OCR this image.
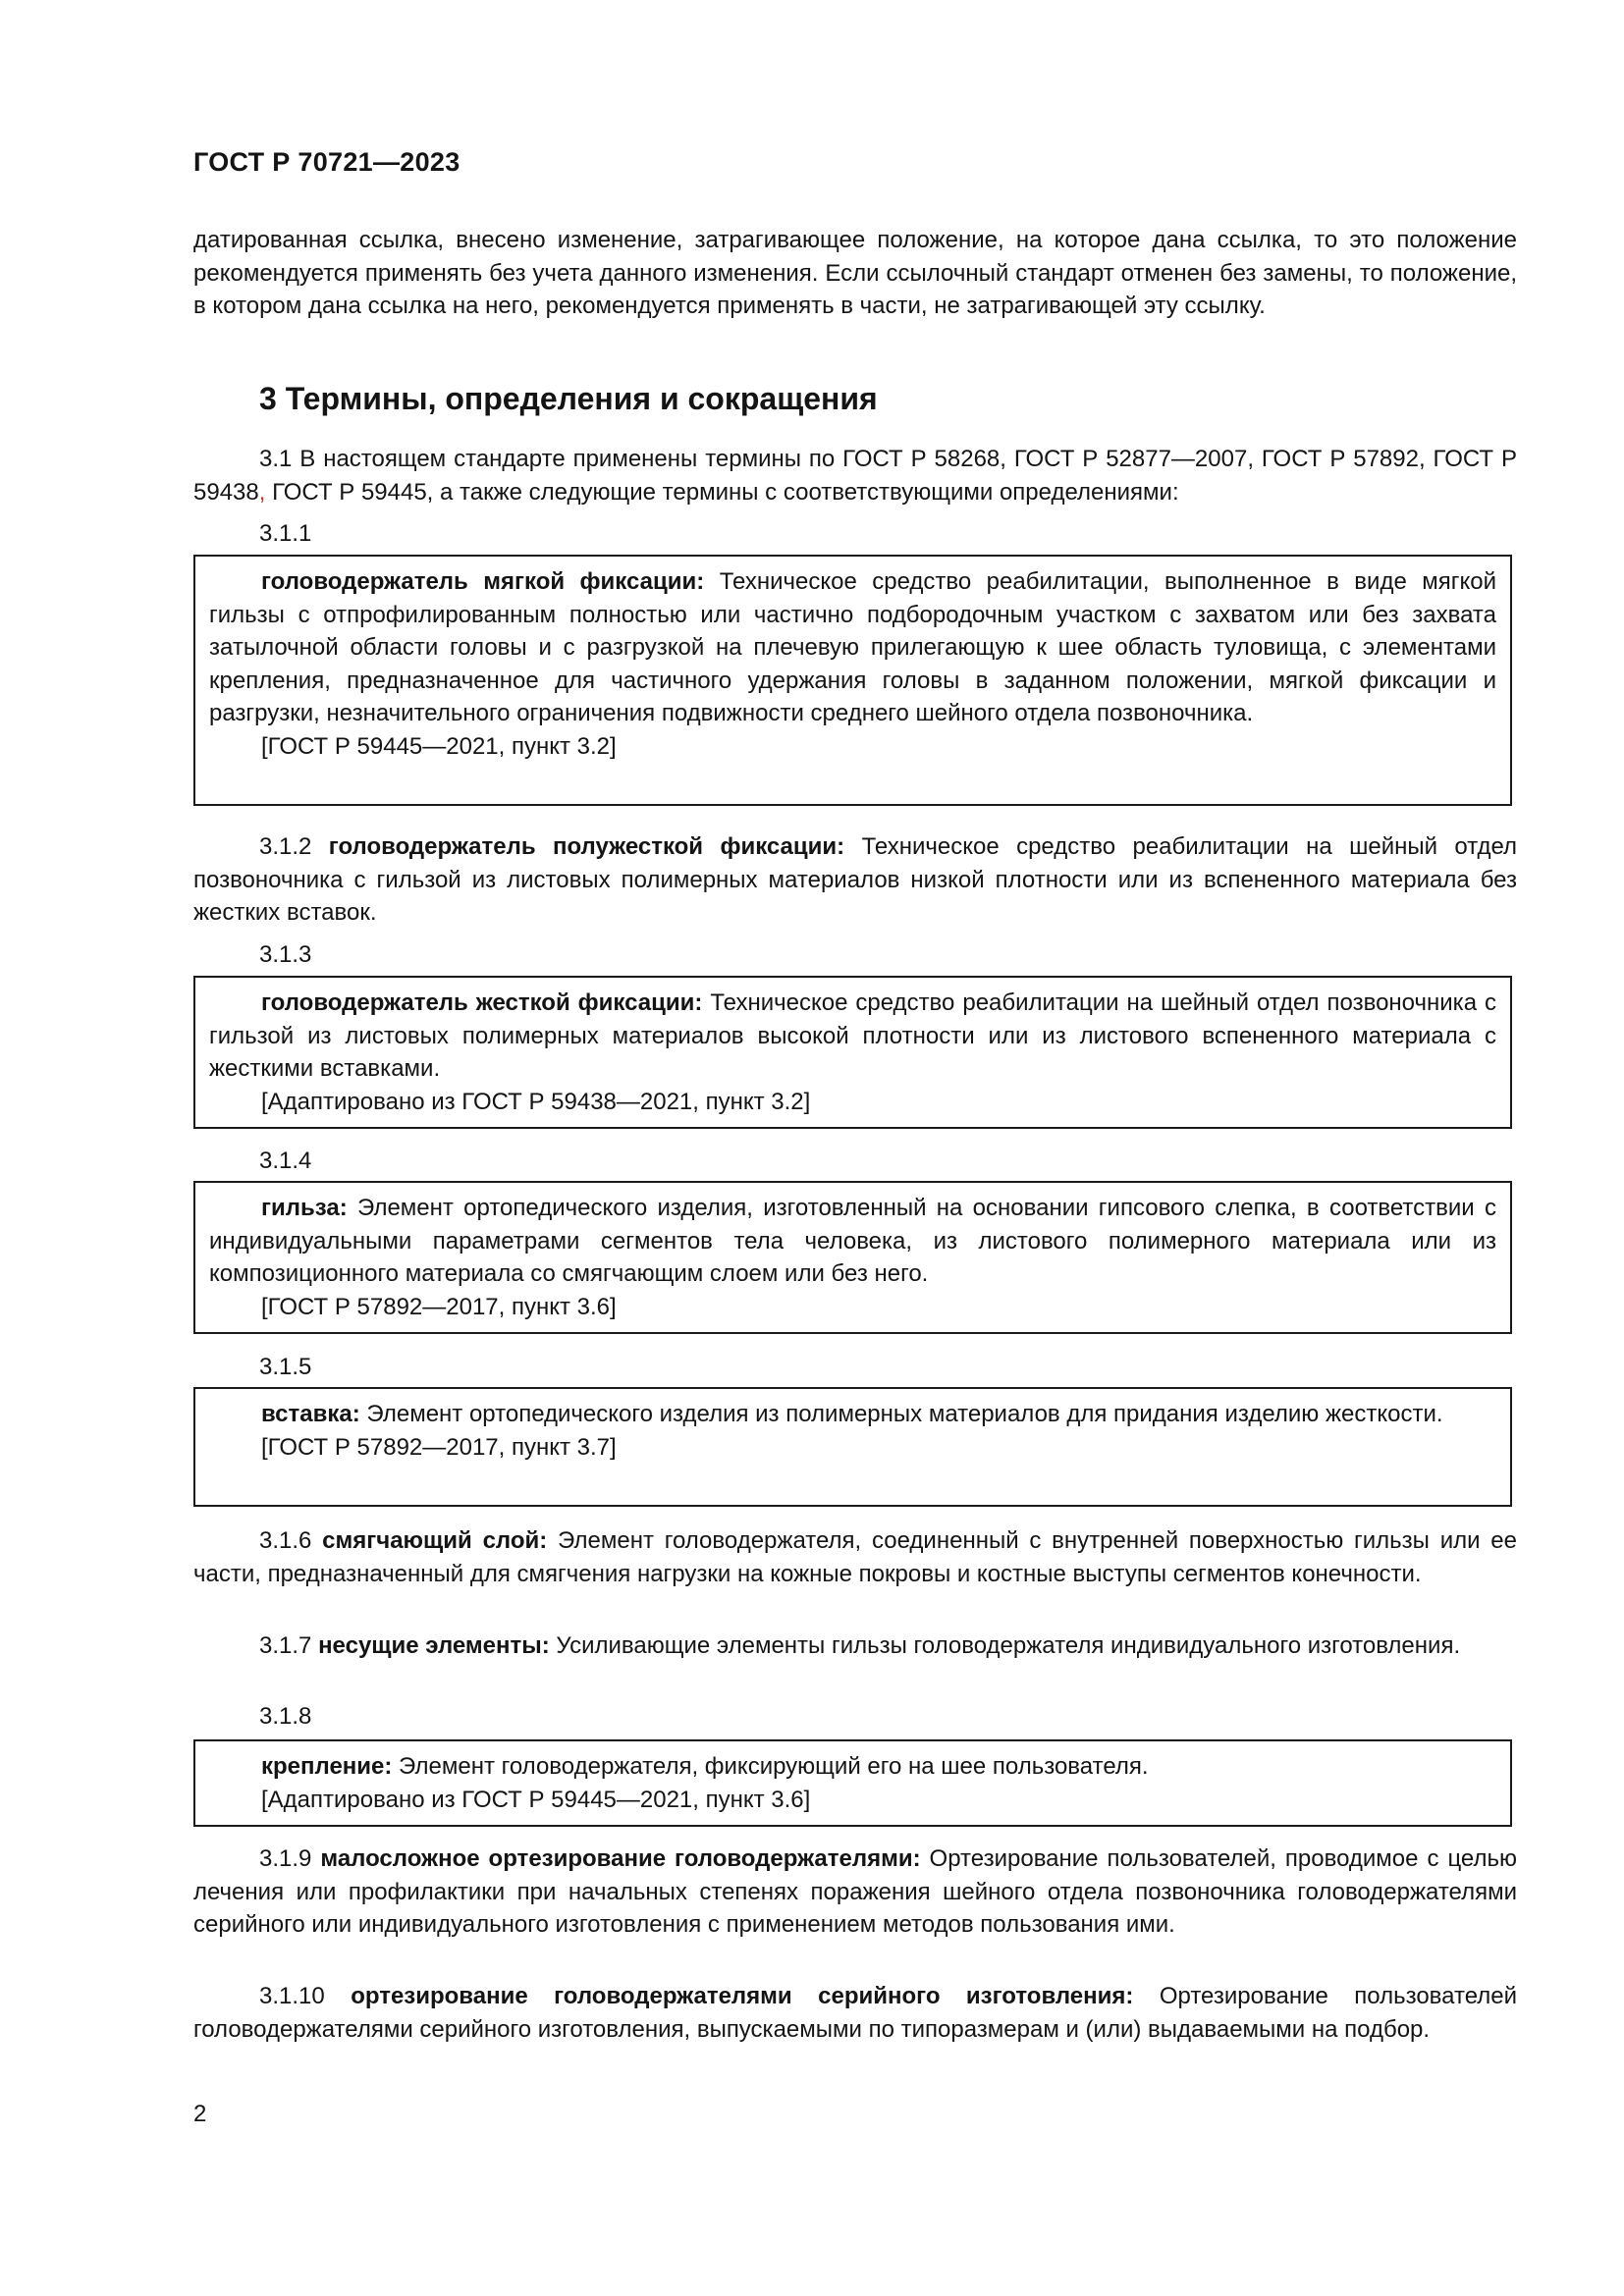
ГОСТ Р 70721—2023
датированная ссылка, внесено изменение, затрагивающее положение, на которое дана ссылка, то это положение рекомендуется применять без учета данного изменения. Если ссылочный стандарт отменен без замены, то положение, в котором дана ссылка на него, рекомендуется применять в части, не затрагивающей эту ссылку.
3 Термины, определения и сокращения

3.1 В настоящем стандарте применены термины по ГОСТ Р 58268, ГОСТ Р 52877—2007, ГОСТ Р 57892, ГОСТ Р 59438, ГОСТ Р 59445, а также следующие термины с соответствующими определениями:

3.1.1

головодержатель мягкой фиксации: Техническое средство реабилитации, выполненное в виде мягкой гильзы с отпрофилированным полностью или частично подбородочным участком с захватом или без захвата затылочной области головы и с разгрузкой на плечевую прилегающую к шее область туловища, с элементами крепления, предназначенное для частичного удержания головы в заданном положении, мягкой фиксации и разгрузки, незначительного ограничения подвижности среднего шейного отдела позвоночника.

[ГОСТ Р 59445—2021, пункт 3.2]

3.1.2 головодержатель полужесткой фиксации: Техническое средство реабилитации на шейный отдел позвоночника с гильзой из листовых полимерных материалов низкой плотности или из вспененного материала без жестких вставок.

3.1.3

головодержатель жесткой фиксации: Техническое средство реабилитации на шейный отдел позвоночника с гильзой из листовых полимерных материалов высокой плотности или из листового вспененного материала с жесткими вставками.

[Адаптировано из ГОСТ Р 59438—2021, пункт 3.2]

3.1.4

гильза: Элемент ортопедического изделия, изготовленный на основании гипсового слепка, в соответствии с индивидуальными параметрами сегментов тела человека, из листового полимерного материала или из композиционного материала со смягчающим слоем или без него.

[ГОСТ Р 57892—2017, пункт 3.6]

3.1.5

вставка: Элемент ортопедического изделия из полимерных материалов для придания изделию жесткости.

[ГОСТ Р 57892—2017, пункт 3.7]

3.1.6 смягчающий слой: Элемент головодержателя, соединенный с внутренней поверхностью гильзы или ее части, предназначенный для смягчения нагрузки на кожные покровы и костные выступы сегментов конечности.

3.1.7 несущие элементы: Усиливающие элементы гильзы головодержателя индивидуального изготовления.

3.1.8

крепление: Элемент головодержателя, фиксирующий его на шее пользователя.

[Адаптировано из ГОСТ Р 59445—2021, пункт 3.6]

3.1.9 малосложное ортезирование головодержателями: Ортезирование пользователей, проводимое с целью лечения или профилактики при начальных степенях поражения шейного отдела позвоночника головодержателями серийного или индивидуального изготовления с применением методов пользования ими.

3.1.10 ортезирование головодержателями серийного изготовления: Ортезирование пользователей головодержателями серийного изготовления, выпускаемыми по типоразмерам и (или) выдаваемыми на подбор.

2
